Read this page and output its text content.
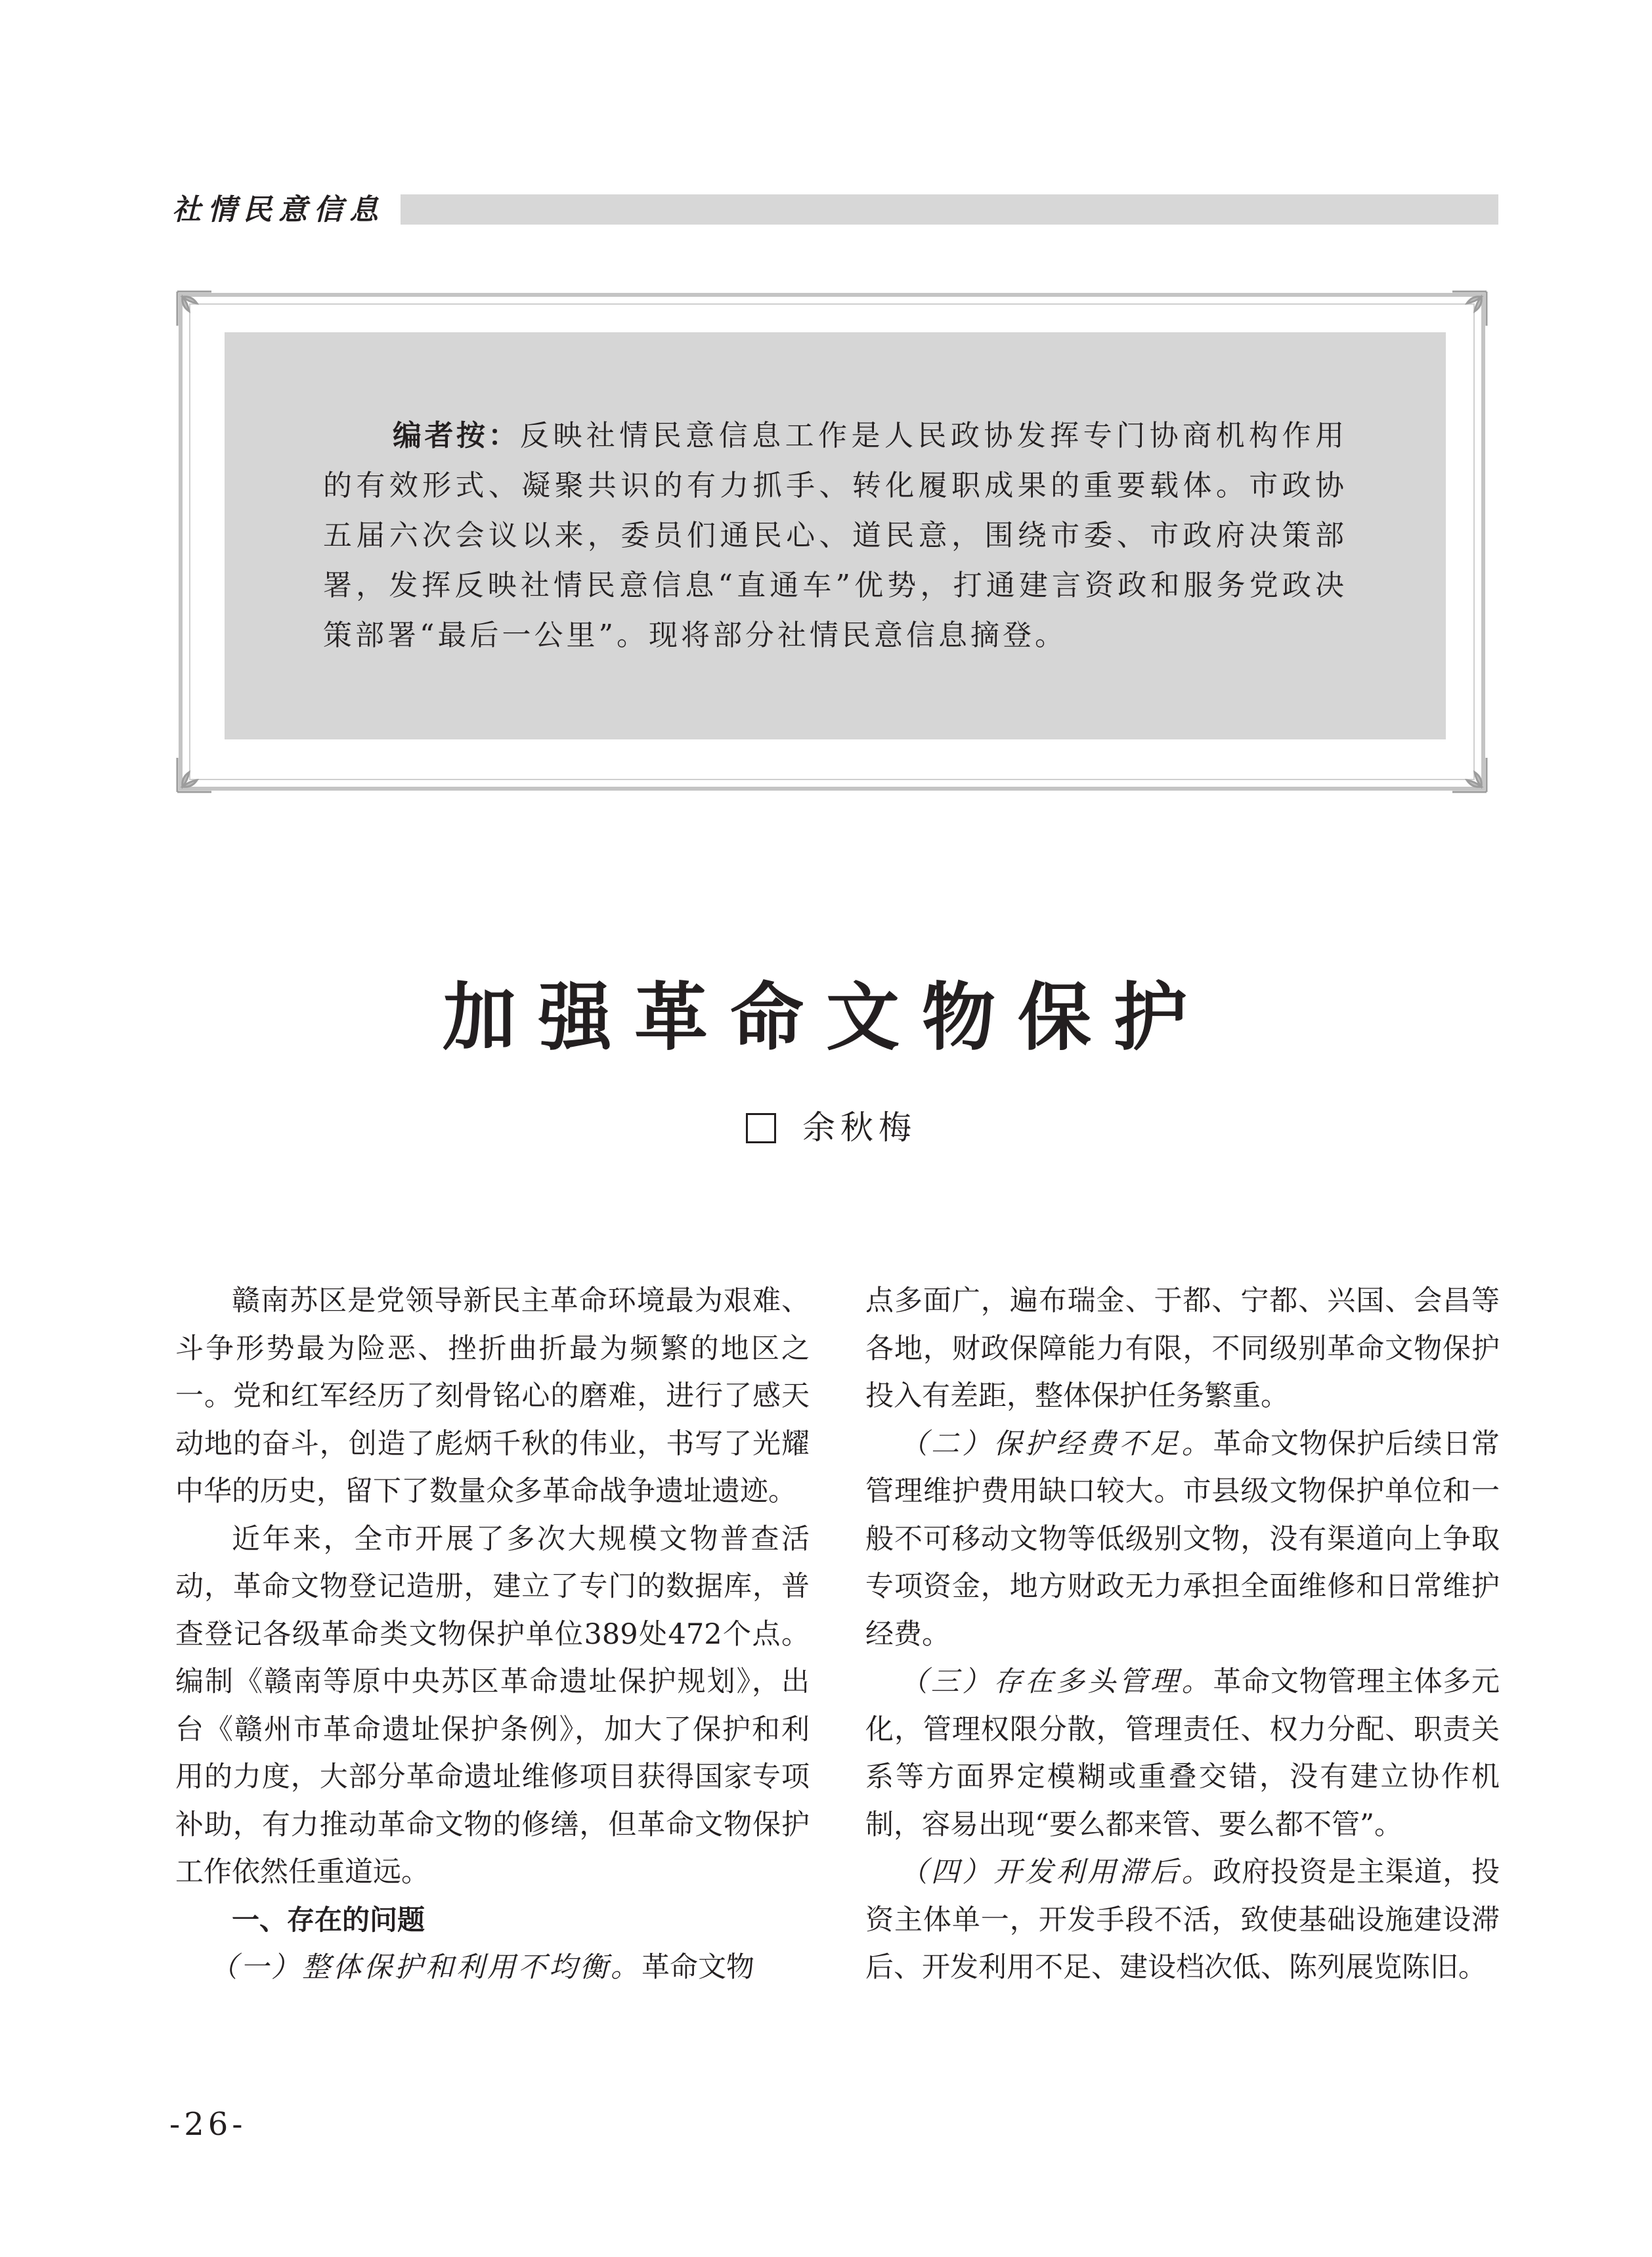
社情民意信息
编者按：反映社情民意信息工作是人民政协发挥专门协商机构作用的有效形式、凝聚共识的有力抓手、转化履职成果的重要载体。市政协五届六次会议以来，委员们通民心、道民意，围绕市委、市政府决策部署，发挥反映社情民意信息“直通车”优势，打通建言资政和服务党政决策部署“最后一公里”。现将部分社情民意信息摘登。
加强革命文物保护
余秋梅

赣南苏区是党领导新民主革命环境最为艰难、斗争形势最为险恶、挫折曲折最为频繁的地区之一。党和红军经历了刻骨铭心的磨难，进行了感天动地的奋斗，创造了彪炳千秋的伟业，书写了光耀中华的历史，留下了数量众多革命战争遗址遗迹。

近年来，全市开展了多次大规模文物普查活动，革命文物登记造册，建立了专门的数据库，普查登记各级革命类文物保护单位389处472个点。编制《赣南等原中央苏区革命遗址保护规划》，出台《赣州市革命遗址保护条例》，加大了保护和利用的力度，大部分革命遗址维修项目获得国家专项补助，有力推动革命文物的修缮，但革命文物保护工作依然任重道远。

一、存在的问题

（一）整体保护和利用不均衡。革命文物

点多面广，遍布瑞金、于都、宁都、兴国、会昌等各地，财政保障能力有限，不同级别革命文物保护投入有差距，整体保护任务繁重。

（二）保护经费不足。革命文物保护后续日常管理维护费用缺口较大。市县级文物保护单位和一般不可移动文物等低级别文物，没有渠道向上争取专项资金，地方财政无力承担全面维修和日常维护经费。

（三）存在多头管理。革命文物管理主体多元化，管理权限分散，管理责任、权力分配、职责关系等方面界定模糊或重叠交错，没有建立协作机制，容易出现“要么都来管、要么都不管”。

（四）开发利用滞后。政府投资是主渠道，投资主体单一，开发手段不活，致使基础设施建设滞后、开发利用不足、建设档次低、陈列展览陈旧。

-26-
